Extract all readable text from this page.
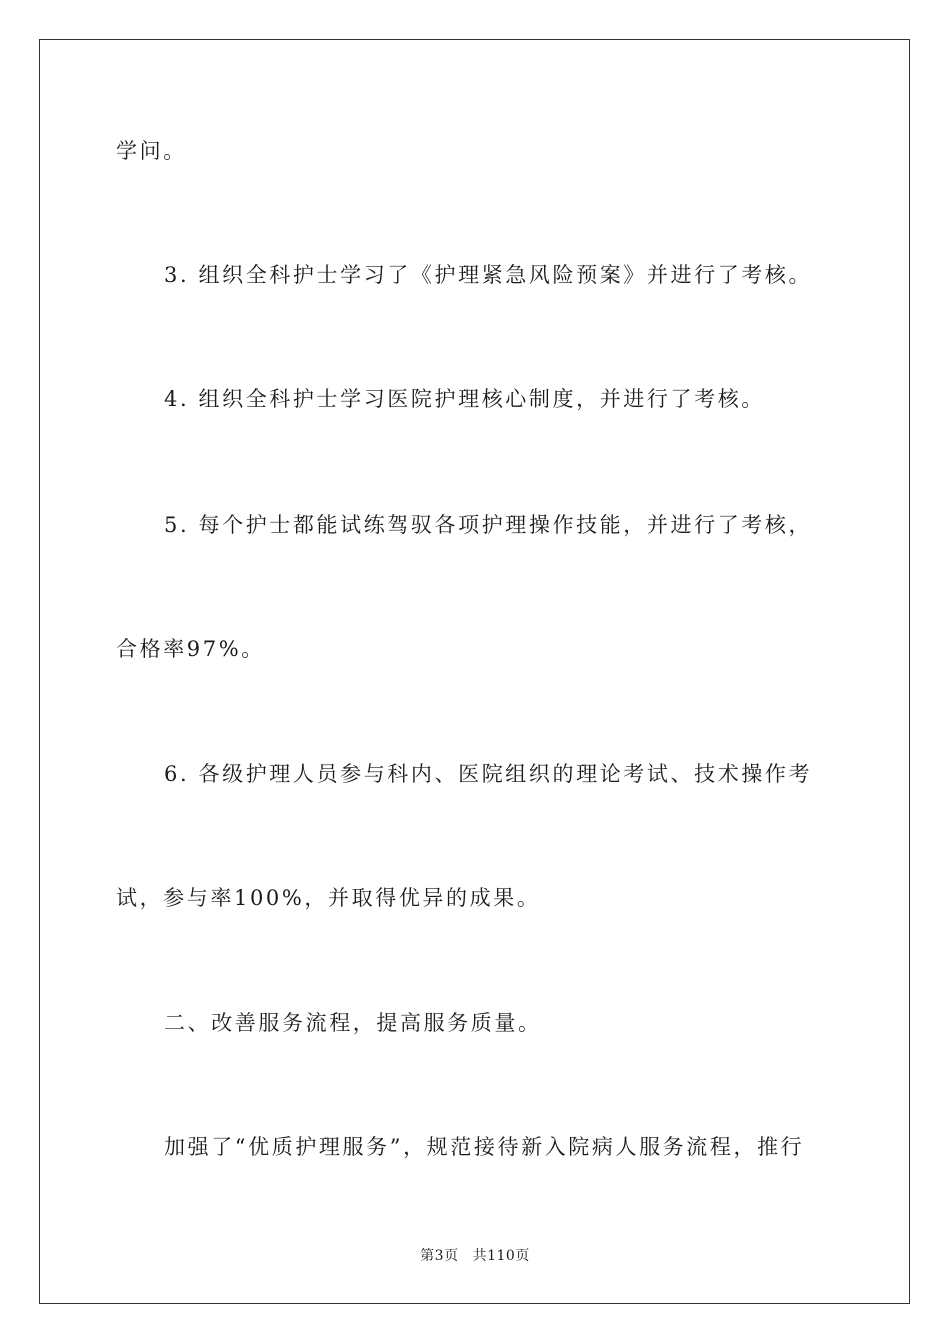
学问。
3. 组织全科护士学习了《护理紧急风险预案》并进行了考核。
4. 组织全科护士学习医院护理核心制度，并进行了考核。
5. 每个护士都能试练驾驭各项护理操作技能，并进行了考核，
合格率97%。
6. 各级护理人员参与科内、医院组织的理论考试、技术操作考
试，参与率100%，并取得优异的成果。
二、改善服务流程，提高服务质量。
加强了“优质护理服务”，规范接待新入院病人服务流程，推行
第3页 共110页
